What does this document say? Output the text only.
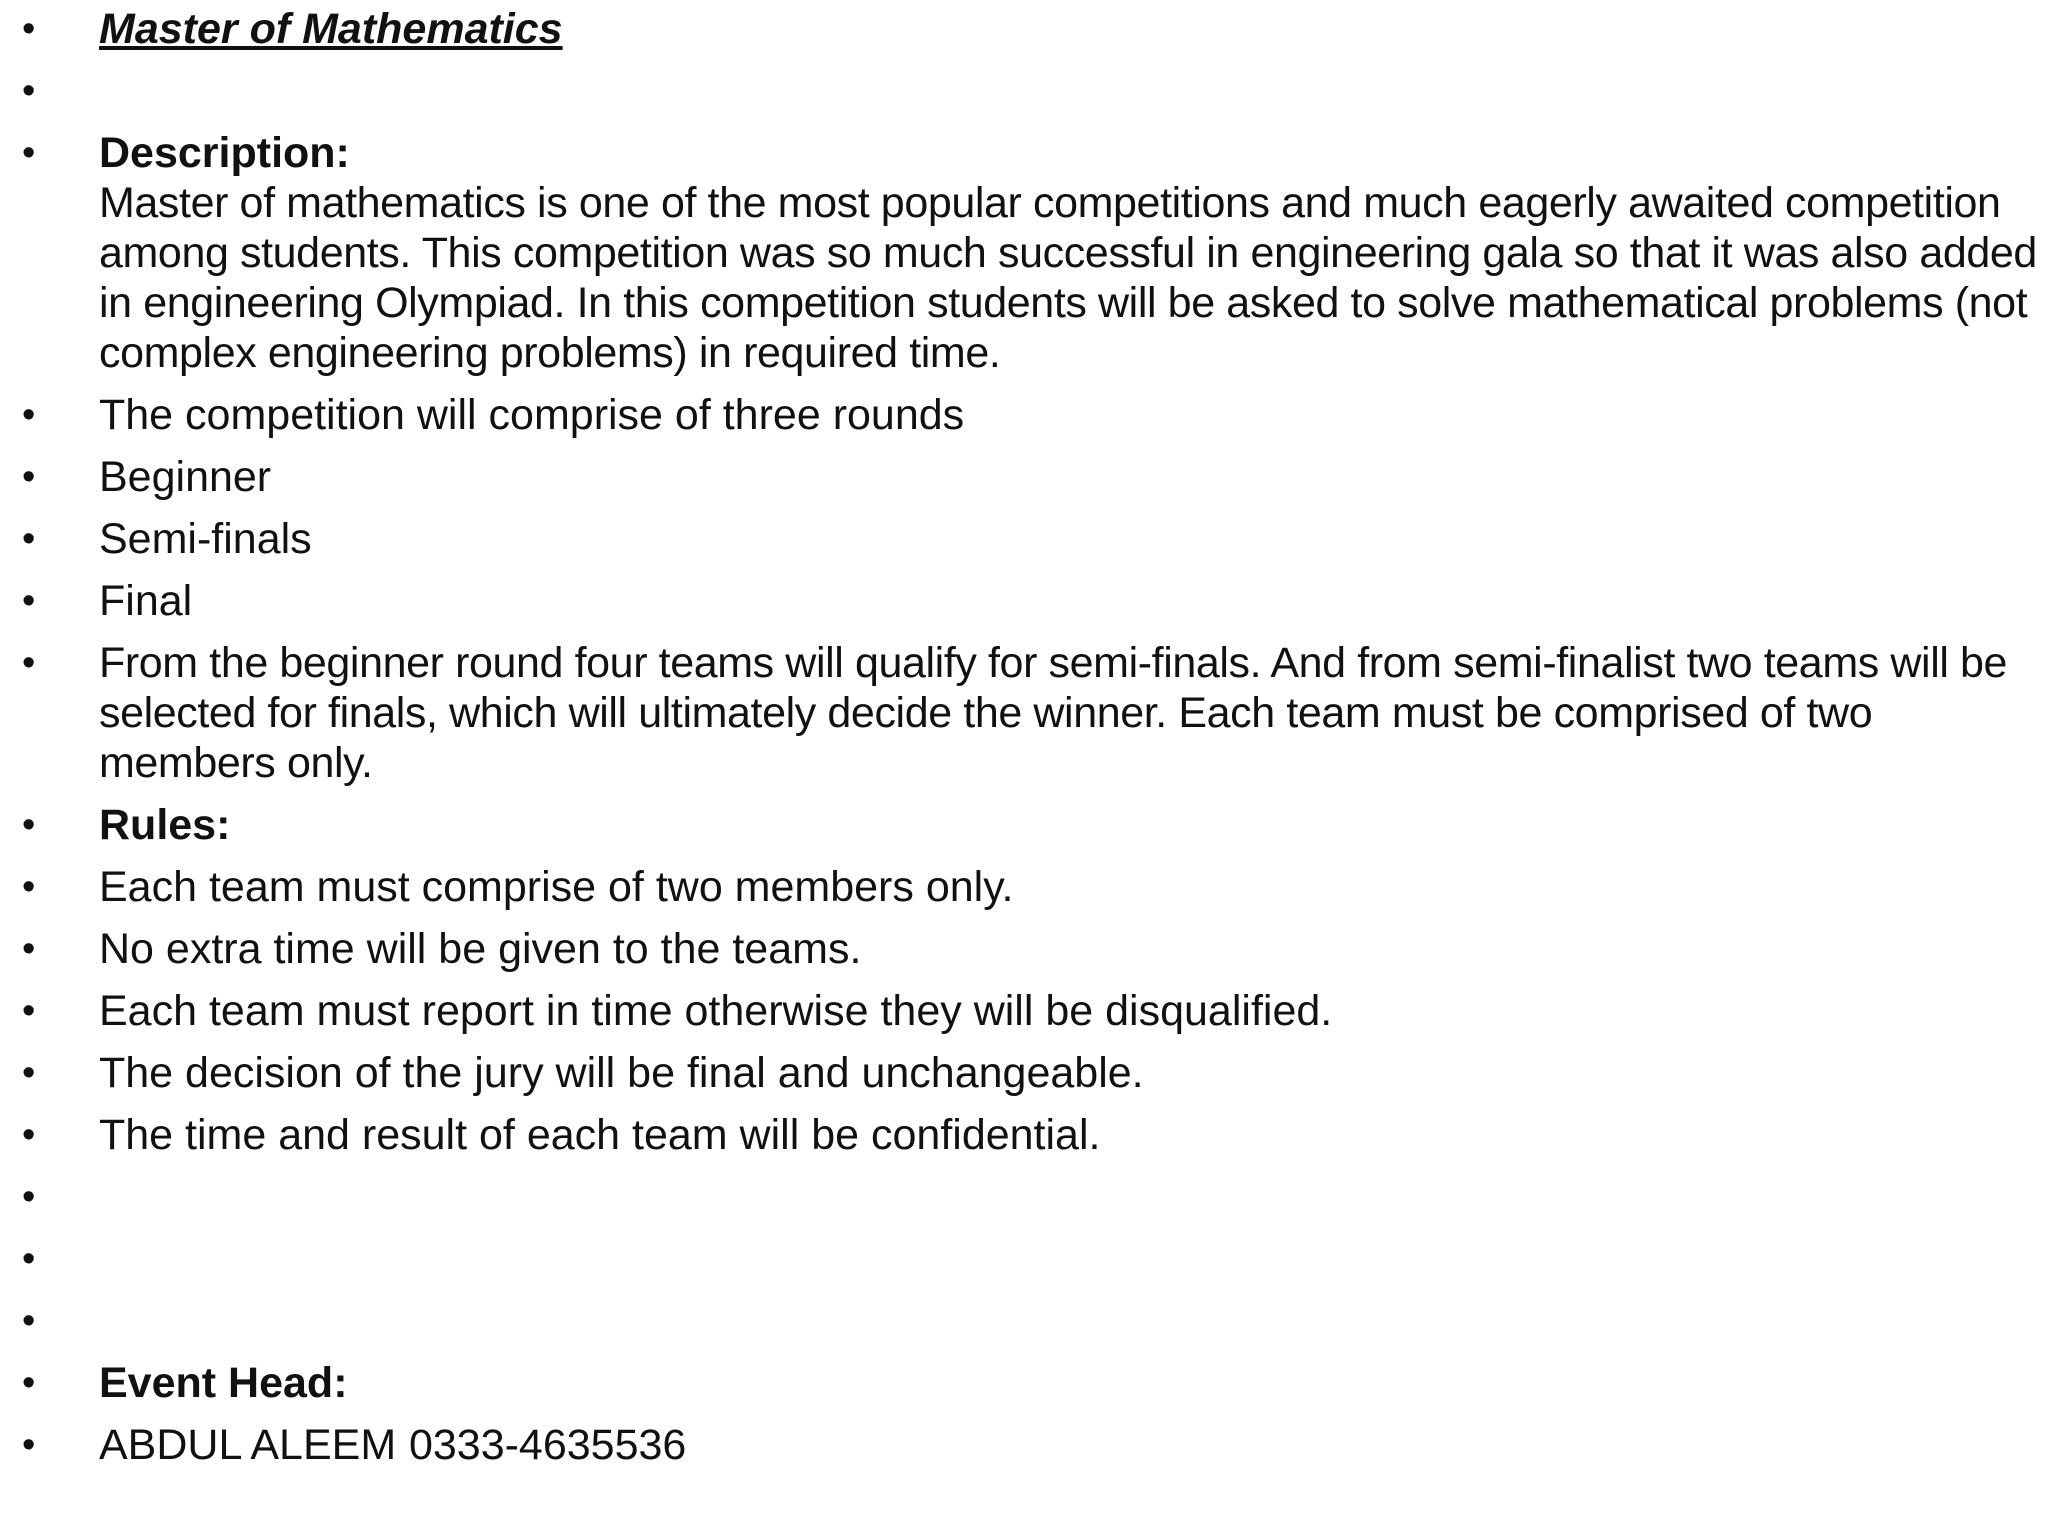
• Master of Mathematics
•
• Description:
Master of mathematics is one of the most popular competitions and much eagerly awaited competition among students. This competition was so much successful in engineering gala so that it was also added in engineering Olympiad. In this competition students will be asked to solve mathematical problems (not complex engineering problems) in required time.
• The competition will comprise of three rounds
• Beginner
• Semi-finals
• Final
• From the beginner round four teams will qualify for semi-finals. And from semi-finalist two teams will be selected for finals, which will ultimately decide the winner. Each team must be comprised of two members only.
• Rules:
• Each team must comprise of two members only.
• No extra time will be given to the teams.
• Each team must report in time otherwise they will be disqualified.
• The decision of the jury will be final and unchangeable.
• The time and result of each team will be confidential.
•
•
•
• Event Head:
• ABDUL ALEEM 0333-4635536
